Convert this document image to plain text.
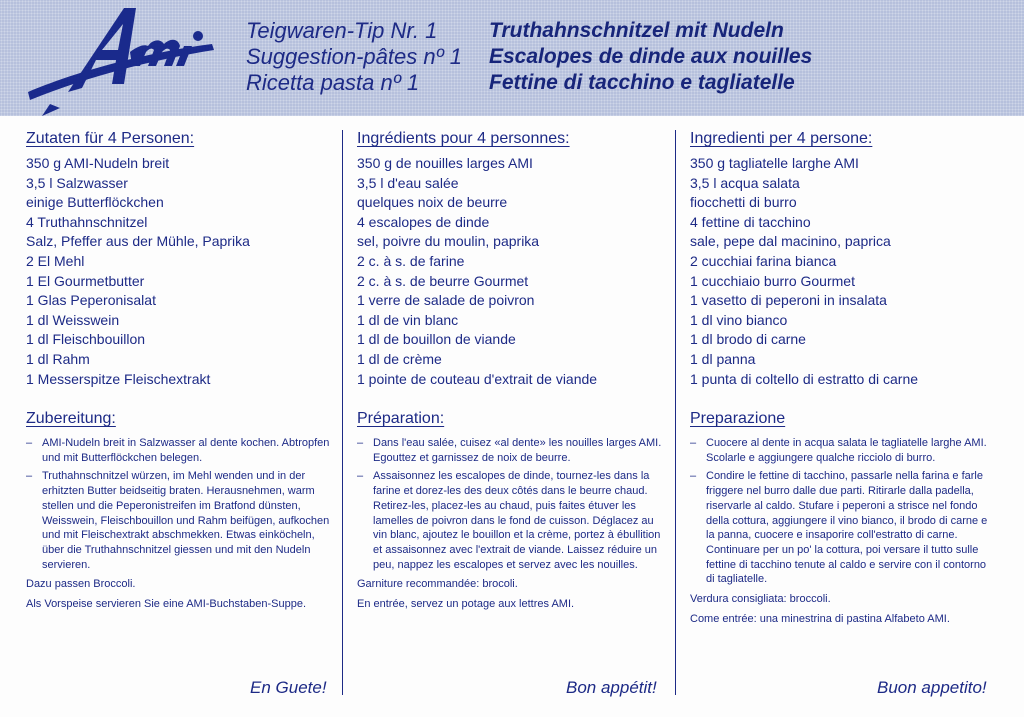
Teigwaren-Tip Nr. 1
Suggestion-pâtes nº 1
Ricetta pasta nº 1
Truthahnschnitzel mit Nudeln
Escalopes de dinde aux nouilles
Fettine di tacchino e tagliatelle
Zutaten für 4 Personen:
350 g AMI-Nudeln breit
3,5 l Salzwasser
einige Butterflöckchen
4 Truthahnschnitzel
Salz, Pfeffer aus der Mühle, Paprika
2 El Mehl
1 El Gourmetbutter
1 Glas Peperonisalat
1 dl Weisswein
1 dl Fleischbouillon
1 dl Rahm
1 Messerspitze Fleischextrakt
Zubereitung:
– AMI-Nudeln breit in Salzwasser al dente kochen. Abtropfen und mit Butterflöckchen belegen.
– Truthahnschnitzel würzen, im Mehl wenden und in der erhitzten Butter beidseitig braten. Herausnehmen, warm stellen und die Peperonistreifen im Bratfond dünsten, Weisswein, Fleischbouillon und Rahm beifügen, aufkochen und mit Fleischextrakt abschmekken. Etwas einköcheln, über die Truthahnschnitzel giessen und mit den Nudeln servieren.
Dazu passen Broccoli.
Als Vorspeise servieren Sie eine AMI-Buchstaben-Suppe.
En Guete!
Ingrédients pour 4 personnes:
350 g de nouilles larges AMI
3,5 l d'eau salée
quelques noix de beurre
4 escalopes de dinde
sel, poivre du moulin, paprika
2 c. à s. de farine
2 c. à s. de beurre Gourmet
1 verre de salade de poivron
1 dl de vin blanc
1 dl de bouillon de viande
1 dl de crème
1 pointe de couteau d'extrait de viande
Préparation:
– Dans l'eau salée, cuisez «al dente» les nouilles larges AMI. Egouttez et garnissez de noix de beurre.
– Assaisonnez les escalopes de dinde, tournez-les dans la farine et dorez-les des deux côtés dans le beurre chaud. Retirez-les, placez-les au chaud, puis faites étuver les lamelles de poivron dans le fond de cuisson. Déglacez au vin blanc, ajoutez le bouillon et la crème, portez à ébullition et assaisonnez avec l'extrait de viande. Laissez réduire un peu, nappez les escalopes et servez avec les nouilles.
Garniture recommandée: brocoli.
En entrée, servez un potage aux lettres AMI.
Bon appétit!
Ingredienti per 4 persone:
350 g tagliatelle larghe AMI
3,5 l acqua salata
fiocchetti di burro
4 fettine di tacchino
sale, pepe dal macinino, paprica
2 cucchiai farina bianca
1 cucchiaio burro Gourmet
1 vasetto di peperoni in insalata
1 dl vino bianco
1 dl brodo di carne
1 dl panna
1 punta di coltello di estratto di carne
Preparazione
– Cuocere al dente in acqua salata le tagliatelle larghe AMI. Scolarle e aggiungere qualche ricciolo di burro.
– Condire le fettine di tacchino, passarle nella farina e farle friggere nel burro dalle due parti. Ritirarle dalla padella, riservarle al caldo. Stufare i peperoni a strisce nel fondo della cottura, aggiungere il vino bianco, il brodo di carne e la panna, cuocere e insaporire coll'estratto di carne. Continuare per un po' la cottura, poi versare il tutto sulle fettine di tacchino tenute al caldo e servire con il contorno di tagliatelle.
Verdura consigliata: broccoli.
Come entrée: una minestrina di pastina Alfabeto AMI.
Buon appetito!
